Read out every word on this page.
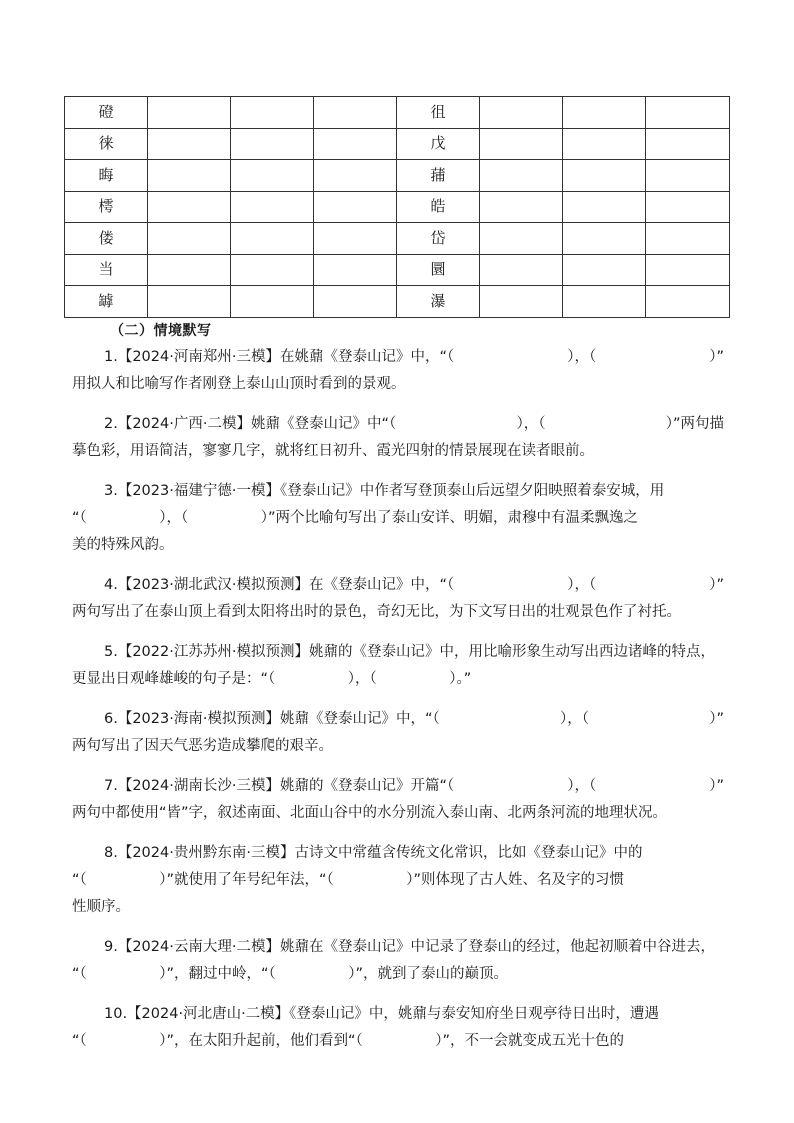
磴				徂			
徕				戊			
晦				蒱			
樗				皓			
偻				岱			
当				圜			
罅				瀑			
（二）情境默写
1.【2024·河南郑州·三模】在姚鼐《登泰山记》中，“（	），（	）”
用拟人和比喻写作者刚登上泰山山顶时看到的景观。
2.【2024·广西·二模】姚鼐《登泰山记》中“（	），（	）”两句描
摹色彩，用语简洁，寥寥几字，就将红日初升、霞光四射的情景展现在读者眼前。
3.【2023·福建宁德·一模】《登泰山记》中作者写登顶泰山后远望夕阳映照着泰安城，用
“（　　　　　），（　　　　　）”两个比喻句写出了泰山安详、明媚，肃穆中有温柔飘逸之
美的特殊风韵。
4.【2023·湖北武汉·模拟预测】在《登泰山记》中，“（	），（	）”
两句写出了在泰山顶上看到太阳将出时的景色，奇幻无比，为下文写日出的壮观景色作了衬托。
5.【2022·江苏苏州·模拟预测】姚鼐的《登泰山记》中，用比喻形象生动写出西边诸峰的特点，
更显出日观峰雄峻的句子是：“（　　　　　），（　　　　　）。”
6.【2023·海南·模拟预测】姚鼐《登泰山记》中，“（	），（	）”
两句写出了因天气恶劣造成攀爬的艰辛。
7.【2024·湖南长沙·三模】姚鼐的《登泰山记》开篇“（	），（	）”
两句中都使用“皆”字，叙述南面、北面山谷中的水分别流入泰山南、北两条河流的地理状况。
8.【2024·贵州黔东南·三模】古诗文中常蕴含传统文化常识，比如《登泰山记》中的
“（　　　　　）”就使用了年号纪年法，“（　　　　　）”则体现了古人姓、名及字的习惯
性顺序。
9.【2024·云南大理·二模】姚鼐在《登泰山记》中记录了登泰山的经过，他起初顺着中谷进去，
“（　　　　　）”，翻过中岭，“（　　　　　）”，就到了泰山的巅顶。
10.【2024·河北唐山·二模】《登泰山记》中，姚鼐与泰安知府坐日观亭待日出时，遭遇
“（　　　　　）”，在太阳升起前，他们看到“（　　　　　）”，不一会就变成五光十色的
